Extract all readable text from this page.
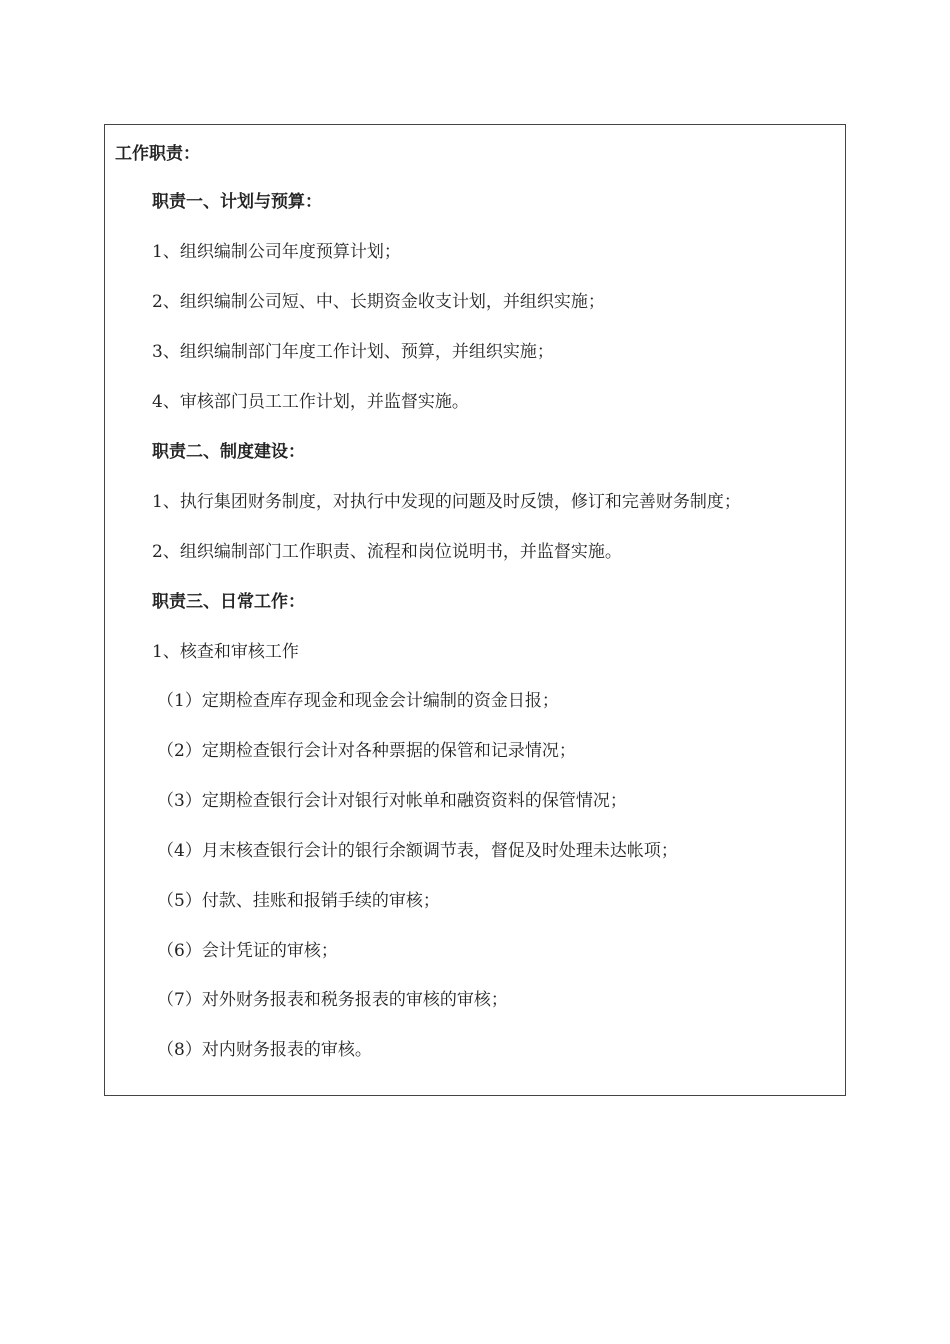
工作职责：
职责一、计划与预算：
1、组织编制公司年度预算计划；
2、组织编制公司短、中、长期资金收支计划，并组织实施；
3、组织编制部门年度工作计划、预算，并组织实施；
4、审核部门员工工作计划，并监督实施。
职责二、制度建设：
1、执行集团财务制度，对执行中发现的问题及时反馈，修订和完善财务制度；
2、组织编制部门工作职责、流程和岗位说明书，并监督实施。
职责三、日常工作：
1、核查和审核工作
（1）定期检查库存现金和现金会计编制的资金日报；
（2）定期检查银行会计对各种票据的保管和记录情况；
（3）定期检查银行会计对银行对帐单和融资资料的保管情况；
（4）月末核查银行会计的银行余额调节表，督促及时处理未达帐项；
（5）付款、挂账和报销手续的审核；
（6）会计凭证的审核；
（7）对外财务报表和税务报表的审核的审核；
（8）对内财务报表的审核。
